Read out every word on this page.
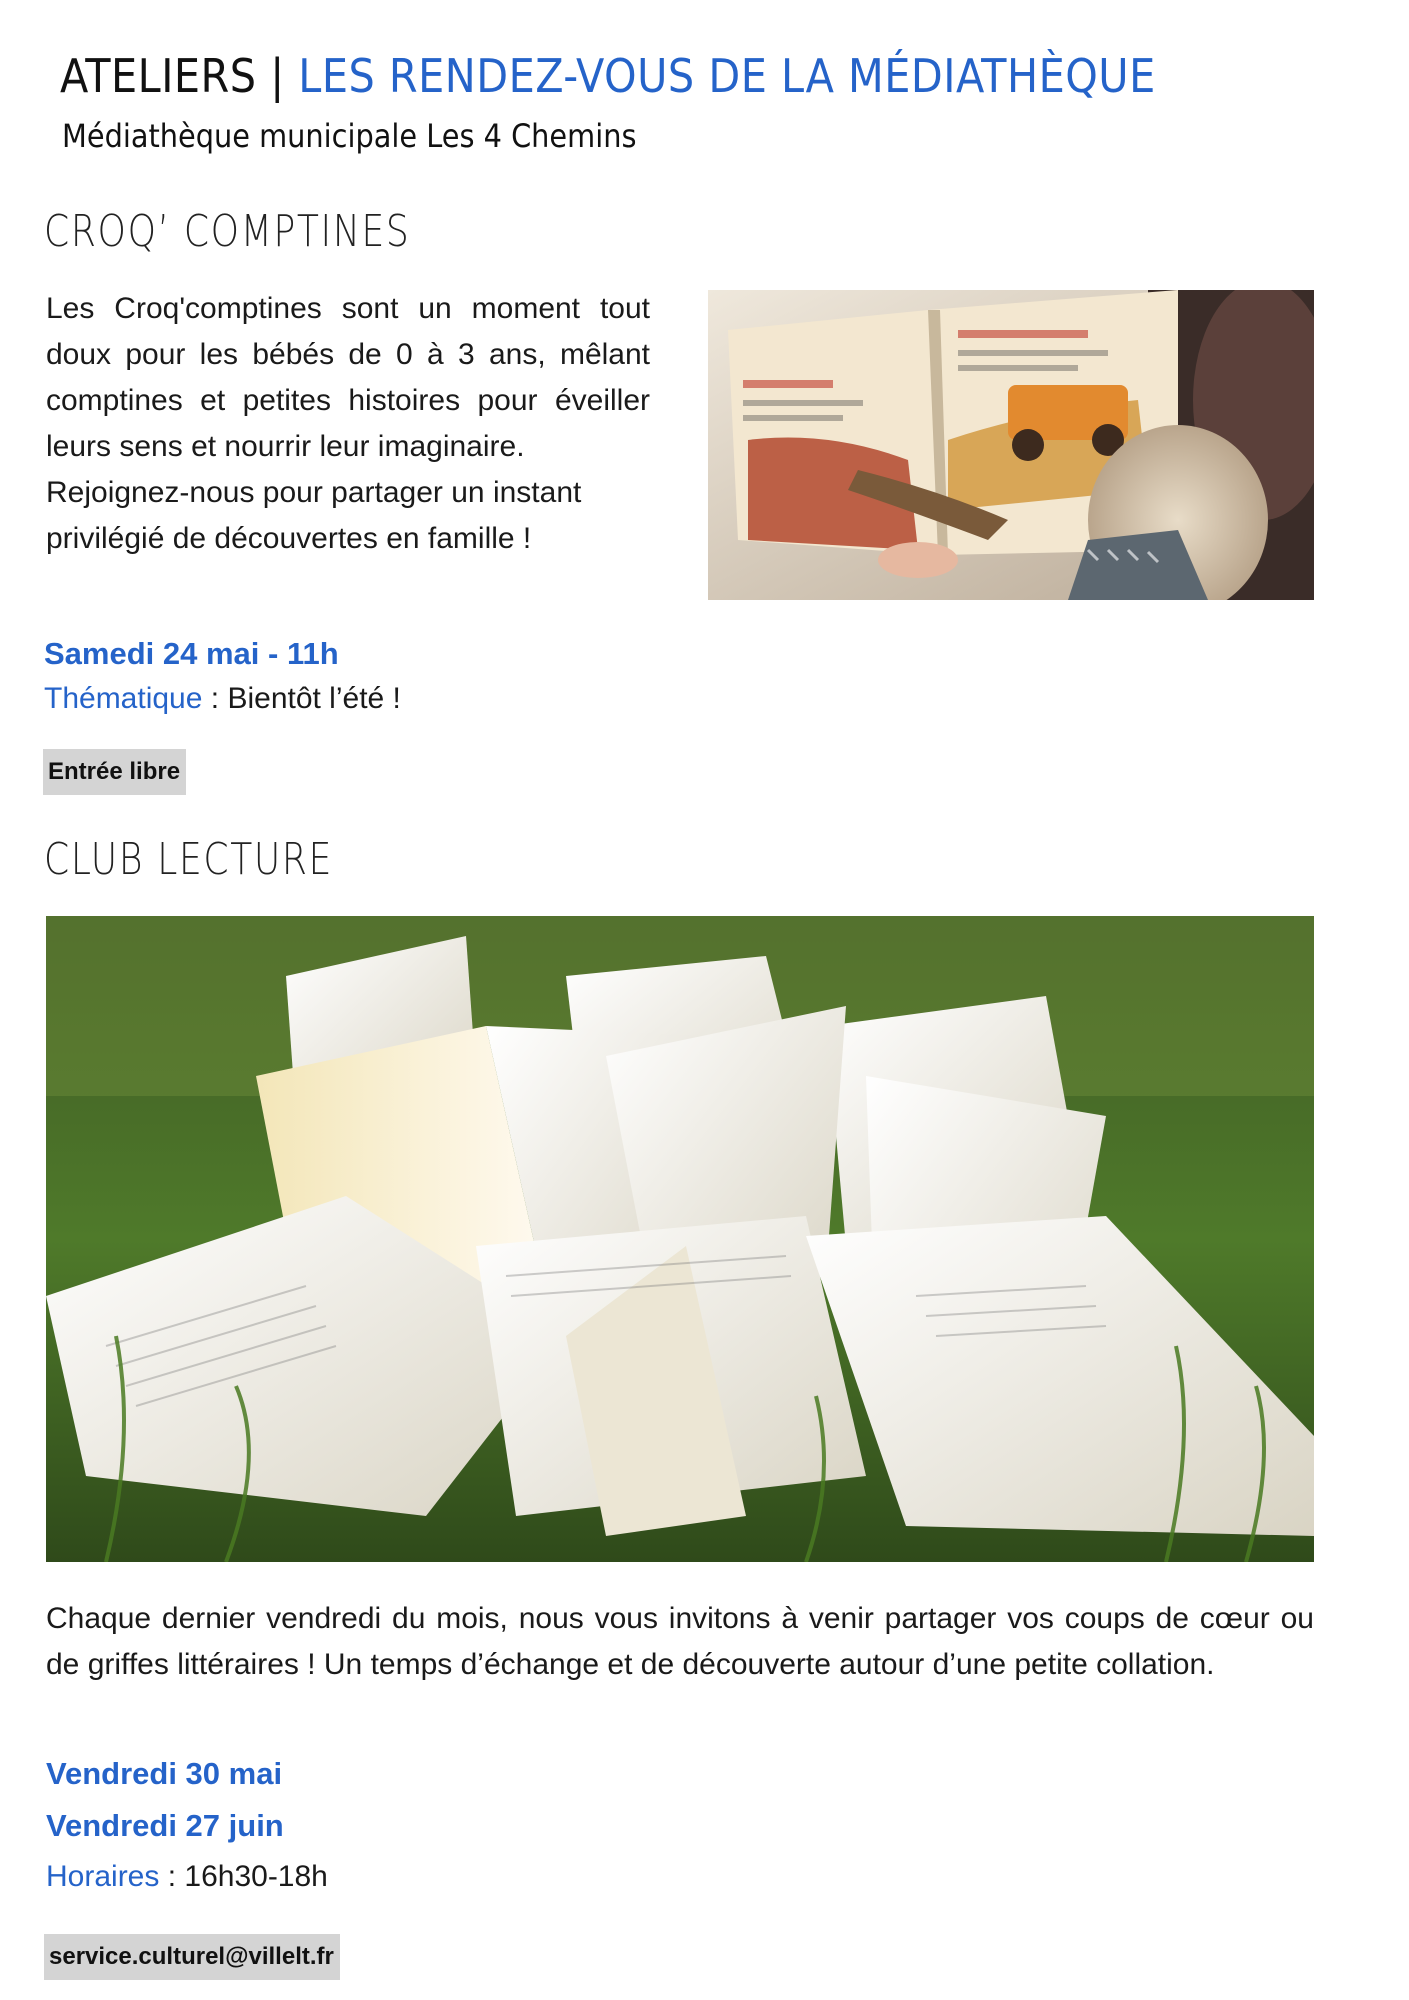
ATELIERS | LES RENDEZ-VOUS DE LA MÉDIATHÈQUE

Médiathèque municipale Les 4 Chemins

CROQ’ COMPTINES

Les Croq'comptines sont un moment tout doux pour les bébés de 0 à 3 ans, mêlant comptines et petites histoires pour éveiller leurs sens et nourrir leur imaginaire.

Rejoignez-nous pour partager un instant privilégié de découvertes en famille !

Samedi 24 mai - 11h

Thématique : Bientôt l’été !

Entrée libre
CLUB LECTURE

Chaque dernier vendredi du mois, nous vous invitons à venir partager vos coups de cœur ou de griffes littéraires ! Un temps d’échange et de découverte autour d’une petite collation.

Vendredi 30 mai

Vendredi 27 juin

Horaires : 16h30-18h

service.culturel@villelt.fr
